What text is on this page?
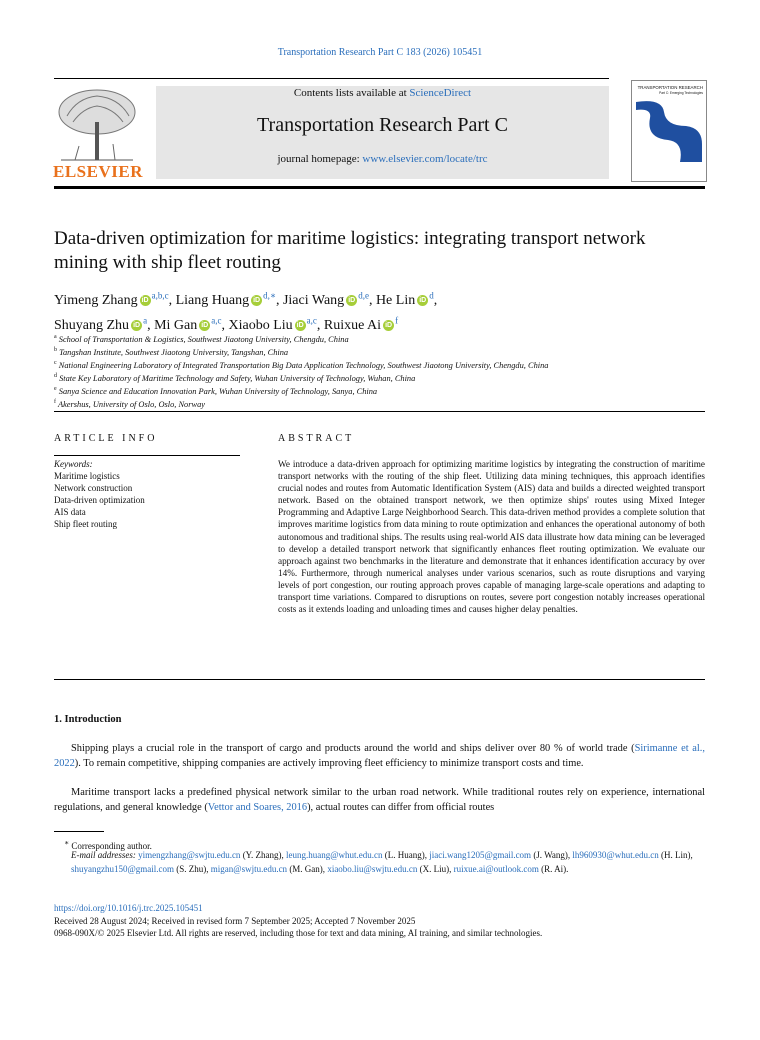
Transportation Research Part C 183 (2026) 105451
ELSEVIER
Contents lists available at ScienceDirect
Transportation Research Part C
journal homepage: www.elsevier.com/locate/trc
TRANSPORTATION RESEARCH
Part C: Emerging Technologies
Data-driven optimization for maritime logistics: integrating transport network mining with ship fleet routing
Yimeng Zhang iD$^{a,b,c}$, Liang Huang iD$^{d,∗}$, Jiaci Wang iD$^{d,e}$, He Lin iD$^d$,
Shuyang Zhu iD$^a$, Mi Gan iD$^{a,c}$, Xiaobo Liu iD$^{a,c}$, Ruixue Ai iD$^f$
$^a$ School of Transportation & Logistics, Southwest Jiaotong University, Chengdu, China
$^b$ Tangshan Institute, Southwest Jiaotong University, Tangshan, China
$^c$ National Engineering Laboratory of Integrated Transportation Big Data Application Technology, Southwest Jiaotong University, Chengdu, China
$^d$ State Key Laboratory of Maritime Technology and Safety, Wuhan University of Technology, Wuhan, China
$^e$ Sanya Science and Education Innovation Park, Wuhan University of Technology, Sanya, China
$^f$ Akershus, University of Oslo, Oslo, Norway
ARTICLE INFO	ABSTRACT
Keywords:
Maritime logistics
Network construction
Data-driven optimization
AIS data
Ship fleet routing
We introduce a data-driven approach for optimizing maritime logistics by integrating the construction of maritime transport networks with the routing of the ship fleet. Utilizing data mining techniques, this approach identifies crucial nodes and routes from Automatic Identification System (AIS) data and builds a directed weighted transport network. Based on the obtained transport network, we then optimize ships' routes using Mixed Integer Programming and Adaptive Large Neighborhood Search. This data-driven method provides a complete solution that improves maritime logistics from data mining to route optimization and enhances the operational autonomy of both autonomous and traditional ships. The results using real-world AIS data illustrate how data mining can be leveraged to develop a detailed transport network that significantly enhances fleet routing optimization. We evaluate our approach against two benchmarks in the literature and demonstrate that it enhances identification accuracy by over 14%. Furthermore, through numerical analyses under various scenarios, such as route disruptions and varying levels of port congestion, our routing approach proves capable of managing large-scale operations and adapting to transport time variations. Compared to disruptions on routes, severe port congestion notably increases operational costs as it extends loading and unloading times and causes higher delay penalties.
1. Introduction
Shipping plays a crucial role in the transport of cargo and products around the world and ships deliver over 80 % of world trade (Sirimanne et al., 2022). To remain competitive, shipping companies are actively improving fleet efficiency to minimize transport costs and time.
Maritime transport lacks a predefined physical network similar to the urban road network. While traditional routes rely on experience, international regulations, and general knowledge (Vettor and Soares, 2016), actual routes can differ from official routes
∗ Corresponding author.
E-mail addresses: yimengzhang@swjtu.edu.cn (Y. Zhang), leung.huang@whut.edu.cn (L. Huang), jiaci.wang1205@gmail.com (J. Wang), lh960930@whut.edu.cn (H. Lin), shuyangzhu150@gmail.com (S. Zhu), migan@swjtu.edu.cn (M. Gan), xiaobo.liu@swjtu.edu.cn (X. Liu), ruixue.ai@outlook.com (R. Ai).
https://doi.org/10.1016/j.trc.2025.105451
Received 28 August 2024; Received in revised form 7 September 2025; Accepted 7 November 2025
0968-090X/© 2025 Elsevier Ltd. All rights are reserved, including those for text and data mining, AI training, and similar technologies.
